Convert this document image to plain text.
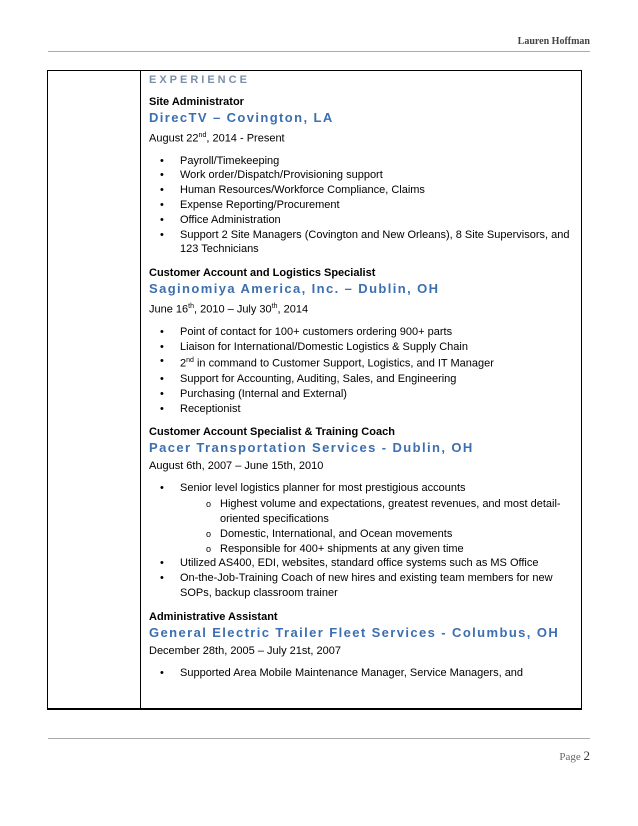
Lauren Hoffman
EXPERIENCE
Site Administrator
DirecTV – Covington, LA
August 22nd, 2014 - Present
• Payroll/Timekeeping
• Work order/Dispatch/Provisioning support
• Human Resources/Workforce Compliance, Claims
• Expense Reporting/Procurement
• Office Administration
• Support 2 Site Managers (Covington and New Orleans), 8 Site Supervisors, and 123 Technicians
Customer Account and Logistics Specialist
Saginomiya America, Inc. – Dublin, OH
June 16th, 2010 – July 30th, 2014
• Point of contact for 100+ customers ordering 900+ parts
• Liaison for International/Domestic Logistics & Supply Chain
• 2nd in command to Customer Support, Logistics, and IT Manager
• Support for Accounting, Auditing, Sales, and Engineering
• Purchasing (Internal and External)
• Receptionist
Customer Account Specialist & Training Coach
Pacer Transportation Services - Dublin, OH
August 6th, 2007 – June 15th, 2010
• Senior level logistics planner for most prestigious accounts
o Highest volume and expectations, greatest revenues, and most detail-oriented specifications
o Domestic, International, and Ocean movements
o Responsible for 400+ shipments at any given time
• Utilized AS400, EDI, websites, standard office systems such as MS Office
• On-the-Job-Training Coach of new hires and existing team members for new SOPs, backup classroom trainer
Administrative Assistant
General Electric Trailer Fleet Services - Columbus, OH
December 28th, 2005 – July 21st, 2007
• Supported Area Mobile Maintenance Manager, Service Managers, and
Page 2
